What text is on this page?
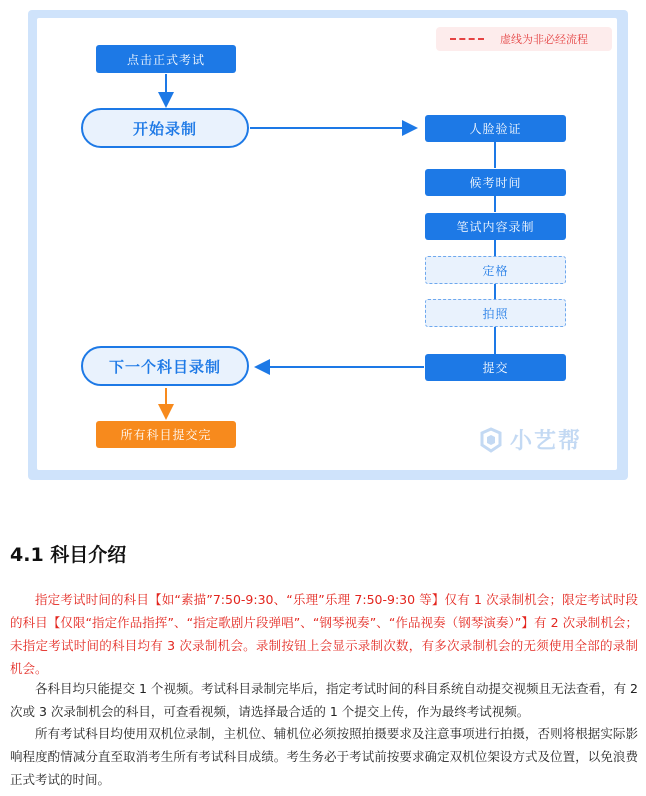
虚线为非必经流程
点击正式考试
开始录制	人脸验证
候考时间
笔试内容录制
定格
拍照
提交
下一个科目录制
所有科目提交完	小艺帮
4.1 科目介绍

指定考试时间的科目【如“素描”7:50-9:30、“乐理”乐理 7:50-9:30 等】仅有 1 次录制机会；限定考试时段的科目【仅限“指定作品指挥”、“指定歌剧片段弹唱”、“钢琴视奏”、“作品视奏（钢琴演奏）”】有 2 次录制机会；未指定考试时间的科目均有 3 次录制机会。录制按钮上会显示录制次数，有多次录制机会的无须使用全部的录制机会。

各科目均只能提交 1 个视频。考试科目录制完毕后，指定考试时间的科目系统自动提交视频且无法查看，有 2 次或 3 次录制机会的科目，可查看视频，请选择最合适的 1 个提交上传，作为最终考试视频。

所有考试科目均使用双机位录制，主机位、辅机位必须按照拍摄要求及注意事项进行拍摄，否则将根据实际影响程度酌情减分直至取消考生所有考试科目成绩。考生务必于考试前按要求确定双机位架设方式及位置，以免浪费正式考试的时间。
